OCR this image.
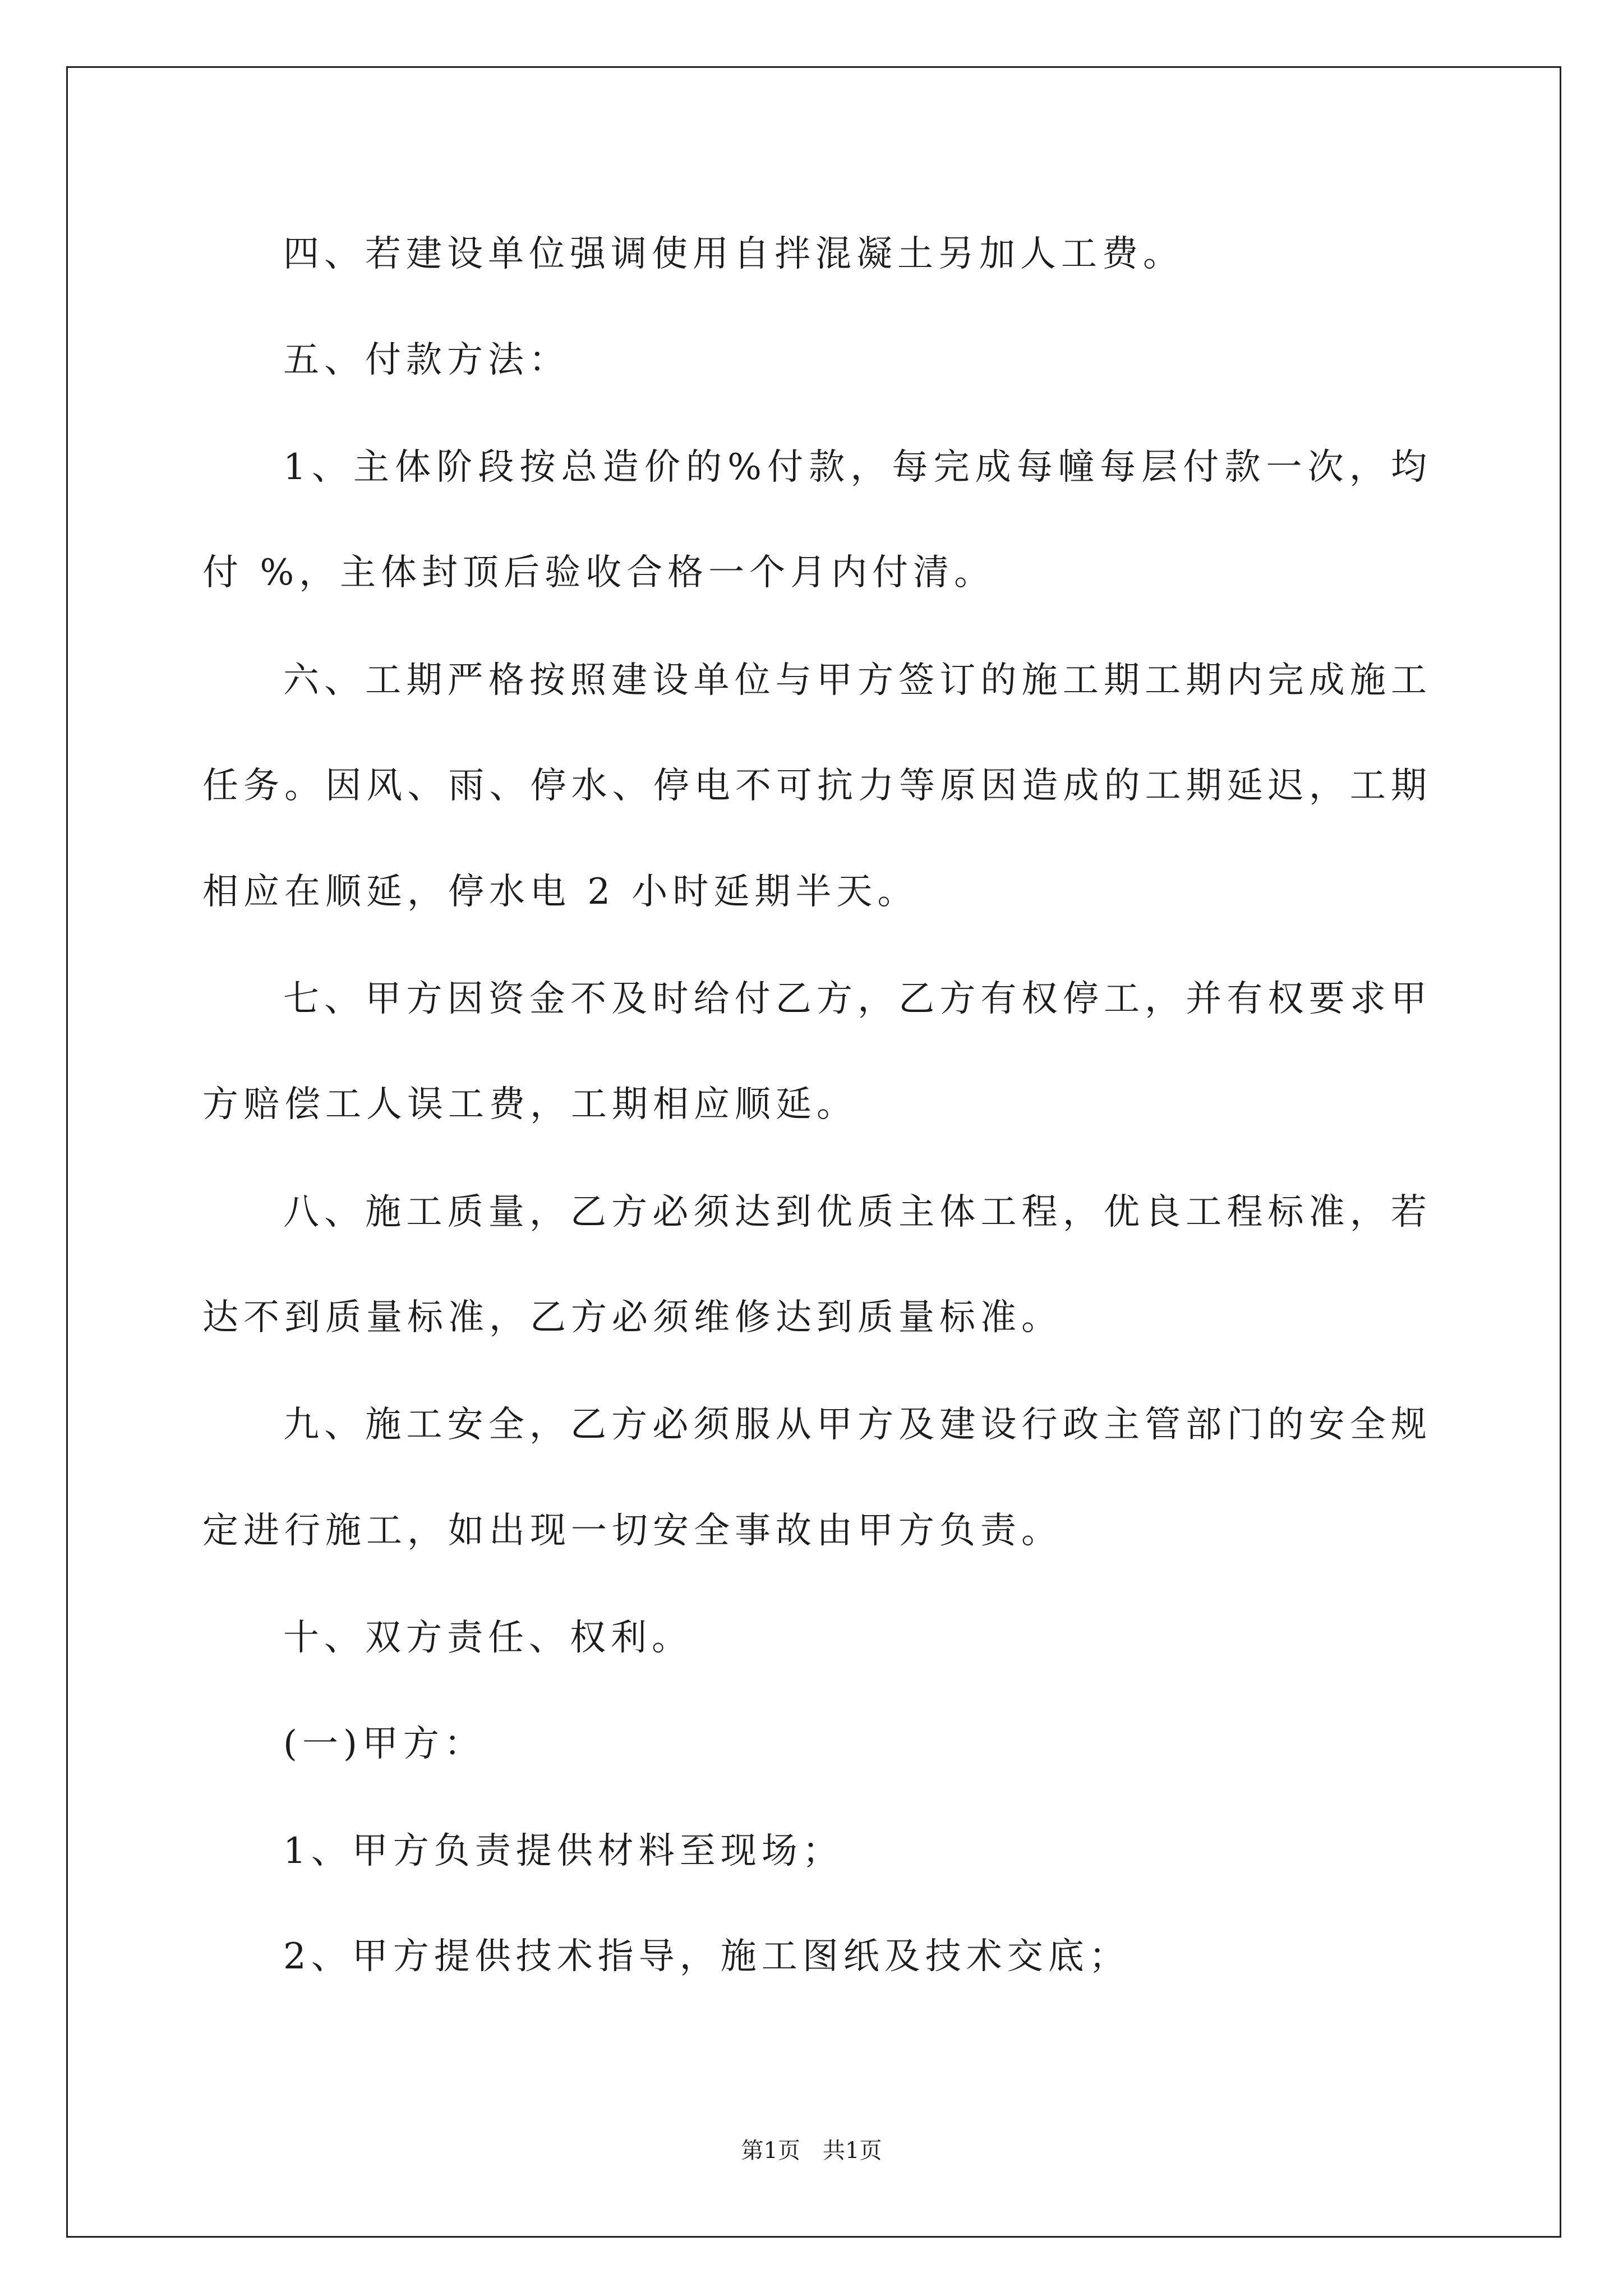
四、若建设单位强调使用自拌混凝土另加人工费。
五、付款方法：
1、主体阶段按总造价的%付款，每完成每幢每层付款一次，均
付 %，主体封顶后验收合格一个月内付清。
六、工期严格按照建设单位与甲方签订的施工期工期内完成施工
任务。因风、雨、停水、停电不可抗力等原因造成的工期延迟，工期
相应在顺延，停水电 2 小时延期半天。
七、甲方因资金不及时给付乙方，乙方有权停工，并有权要求甲
方赔偿工人误工费，工期相应顺延。
八、施工质量，乙方必须达到优质主体工程，优良工程标准，若
达不到质量标准，乙方必须维修达到质量标准。
九、施工安全，乙方必须服从甲方及建设行政主管部门的安全规
定进行施工，如出现一切安全事故由甲方负责。
十、双方责任、权利。
(一)甲方：
1、甲方负责提供材料至现场；
2、甲方提供技术指导，施工图纸及技术交底；
第1页　共1页
